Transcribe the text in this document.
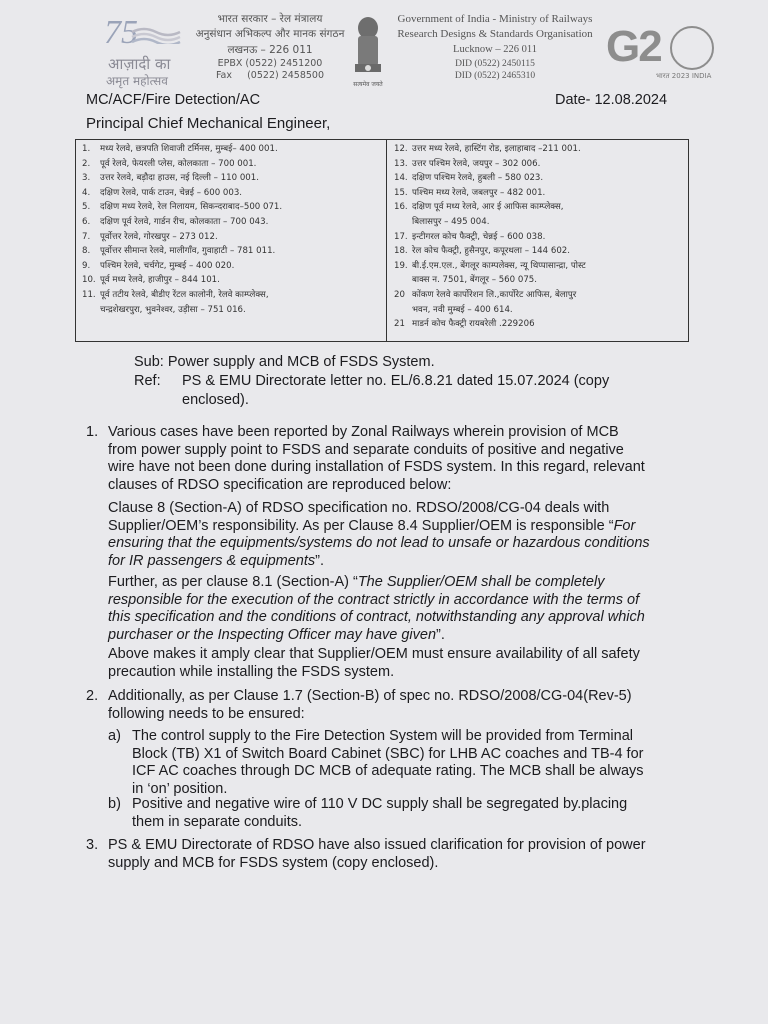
75
आज़ादी का
अमृत महोत्सव
भारत सरकार – रेल मंत्रालय
अनुसंधान अभिकल्प और मानक संगठन
लखनऊ – 226 011
EPBX (0522) 2451200
Fax     (0522) 2458500
सत्यमेव जयते
Government of India - Ministry of Railways
Research Designs & Standards Organisation
Lucknow – 226 011
DID (0522) 2450115
DID (0522) 2465310
G2
भारत 2023 INDIA
MC/ACF/Fire Detection/AC	Date- 12.08.2024
Principal Chief Mechanical Engineer,
1.	मध्य रेलवे, छत्रपति शिवाजी टर्मिनस, मुम्बई– 400 001.
2.	पूर्व रेलवे, फेयरली प्लेस, कोलकाता – 700 001.
3.	उत्तर रेलवे, बड़ौदा हाउस, नई दिल्ली – 110 001.
4.	दक्षिण रेलवे, पार्क टाउन, चेन्नई – 600 003.
5.	दक्षिण मध्य रेलवे, रेल निलायम, सिकन्दराबाद–500 071.
6.	दक्षिण पूर्व रेलवे, गार्डन रीच, कोलकाता – 700 043.
7.	पूर्वोत्तर रेलवे, गोरखपुर – 273 012.
8.	पूर्वोत्तर सीमान्त रेलवे, मालीगाँव, गुवाहाटी – 781 011.
9.	पश्चिम रेलवे, चर्चगेट, मुम्बई – 400 020.
10. पूर्व मध्य रेलवे, हाजीपुर – 844 101.
11. पूर्व तटीय रेलवे, बीडीए रेंटल कालोनी, रेलवे काम्प्लेक्स,
चन्द्रशेखरपुरा, भुवनेश्वर, उड़ीसा – 751 016.
12. उत्तर मध्य रेलवे, हास्टिंग रोड, इलाहाबाद –211 001.
13. उत्तर पश्चिम रेलवे, जयपुर – 302 006.
14. दक्षिण पश्चिम रेलवे, हुबली – 580 023.
15. पश्चिम मध्य रेलवे, जबलपुर – 482 001.
16. दक्षिण पूर्व मध्य रेलवे, आर ई आफिस काम्प्लेक्स,
बिलासपुर – 495 004.
17. इन्टीगरल कोच फैक्ट्री, चेन्नई – 600 038.
18. रेल कोच फैक्ट्री, हुसैनपुर, कपूरथला – 144 602.
19. बी.ई.एम.एल., बेंगलूर काम्पलेक्स, न्यू थिप्पासान्द्रा, पोस्ट
बाक्स न. 7501, बेंगलूर – 560 075.
20 कोंकण रेलवे कार्पोरेशन लि.,कार्पोरेट आफिस, बेलापुर
भवन, नवी मुम्बई – 400 614.
21 माडर्न कोच फैक्ट्री रायबरेली .229206
Sub: Power supply and MCB of FSDS System.
Ref: PS & EMU Directorate letter no. EL/6.8.21 dated 15.07.2024 (copy
enclosed).
1. Various cases have been reported by Zonal Railways wherein provision of MCB
from power supply point to FSDS and separate conduits of positive and negative
wire have not been done during installation of FSDS system. In this regard, relevant
clauses of RDSO specification are reproduced below:
Clause 8 (Section-A) of RDSO specification no. RDSO/2008/CG-04 deals with
Supplier/OEM’s responsibility. As per Clause 8.4 Supplier/OEM is responsible “For
ensuring that the equipments/systems do not lead to unsafe or hazardous conditions
for IR passengers & equipments”.
Further, as per clause 8.1 (Section-A) “The Supplier/OEM shall be completely
responsible for the execution of the contract strictly in accordance with the terms of
this specification and the conditions of contract, notwithstanding any approval which
purchaser or the Inspecting Officer may have given”.
Above makes it amply clear that Supplier/OEM must ensure availability of all safety
precaution while installing the FSDS system.
2. Additionally, as per Clause 1.7 (Section-B) of spec no. RDSO/2008/CG-04(Rev-5)
following needs to be ensured:
a) The control supply to the Fire Detection System will be provided from Terminal
Block (TB) X1 of Switch Board Cabinet (SBC) for LHB AC coaches and TB-4 for
ICF AC coaches through DC MCB of adequate rating. The MCB shall be always
in ‘on’ position.
b) Positive and negative wire of 110 V DC supply shall be segregated by.placing
them in separate conduits.
3. PS & EMU Directorate of RDSO have also issued clarification for provision of power
supply and MCB for FSDS system (copy enclosed).
